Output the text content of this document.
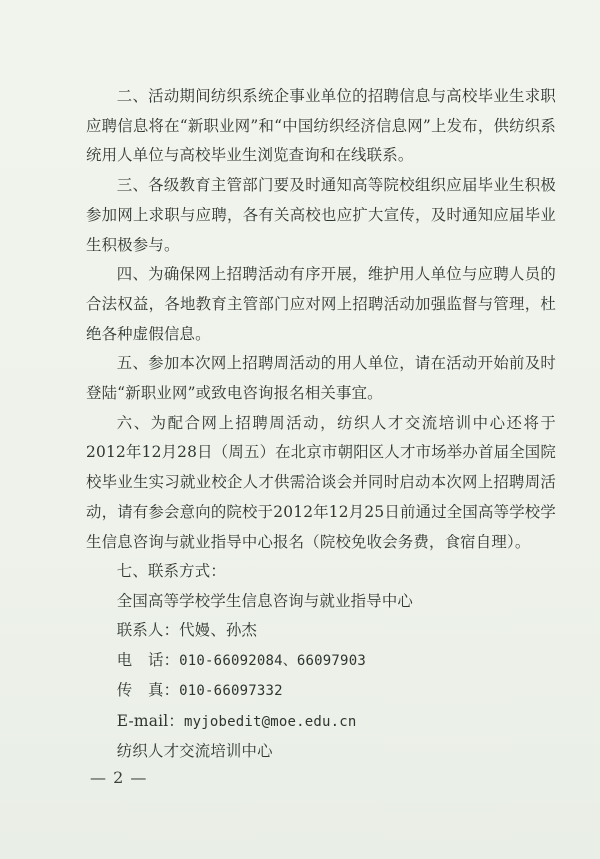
二、活动期间纺织系统企事业单位的招聘信息与高校毕业生求职应聘信息将在“新职业网”和“中国纺织经济信息网”上发布，供纺织系统用人单位与高校毕业生浏览查询和在线联系。

三、各级教育主管部门要及时通知高等院校组织应届毕业生积极参加网上求职与应聘，各有关高校也应扩大宣传，及时通知应届毕业生积极参与。

四、为确保网上招聘活动有序开展，维护用人单位与应聘人员的合法权益，各地教育主管部门应对网上招聘活动加强监督与管理，杜绝各种虚假信息。

五、参加本次网上招聘周活动的用人单位，请在活动开始前及时登陆“新职业网”或致电咨询报名相关事宜。

六、为配合网上招聘周活动，纺织人才交流培训中心还将于2012年12月28日（周五）在北京市朝阳区人才市场举办首届全国院校毕业生实习就业校企人才供需洽谈会并同时启动本次网上招聘周活动，请有参会意向的院校于2012年12月25日前通过全国高等学校学生信息咨询与就业指导中心报名（院校免收会务费，食宿自理）。

七、联系方式：

全国高等学校学生信息咨询与就业指导中心

联系人：代嫚、孙杰

电　话：010-66092084、66097903

传　真：010-66097332

E-mail：myjobedit@moe.edu.cn

纺织人才交流培训中心

— 2 —
